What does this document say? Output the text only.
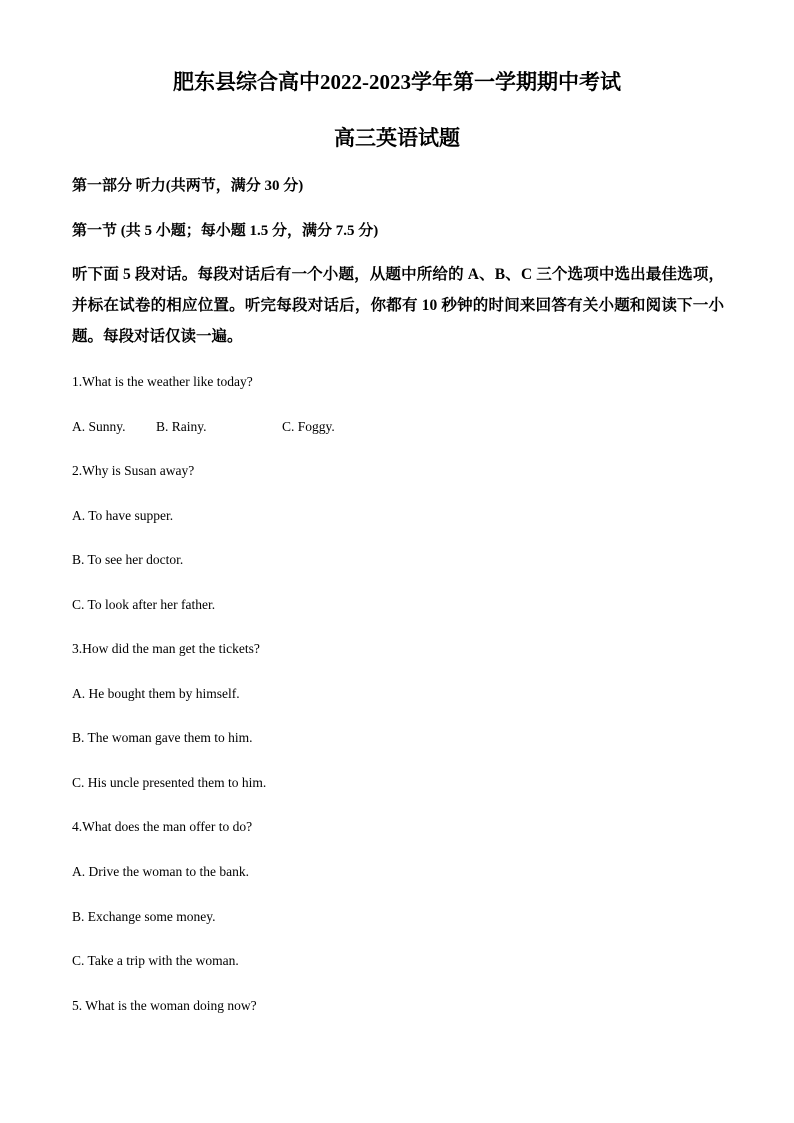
肥东县综合高中2022-2023学年第一学期期中考试
高三英语试题

第一部分 听力(共两节，满分 30 分)

第一节 (共 5 小题；每小题 1.5 分，满分 7.5 分)

听下面 5 段对话。每段对话后有一个小题，从题中所给的 A、B、C 三个选项中选出最佳选项，并标在试卷的相应位置。听完每段对话后，你都有 10 秒钟的时间来回答有关小题和阅读下一小题。每段对话仅读一遍。

1.What is the weather like today?

A. Sunny. B. Rainy.	C. Foggy.

2.Why is Susan away?

A. To have supper.

B. To see her doctor.

C. To look after her father.

3.How did the man get the tickets?

A. He bought them by himself.

B. The woman gave them to him.

C. His uncle presented them to him.

4.What does the man offer to do?

A. Drive the woman to the bank.

B. Exchange some money.

C. Take a trip with the woman.

5. What is the woman doing now?
